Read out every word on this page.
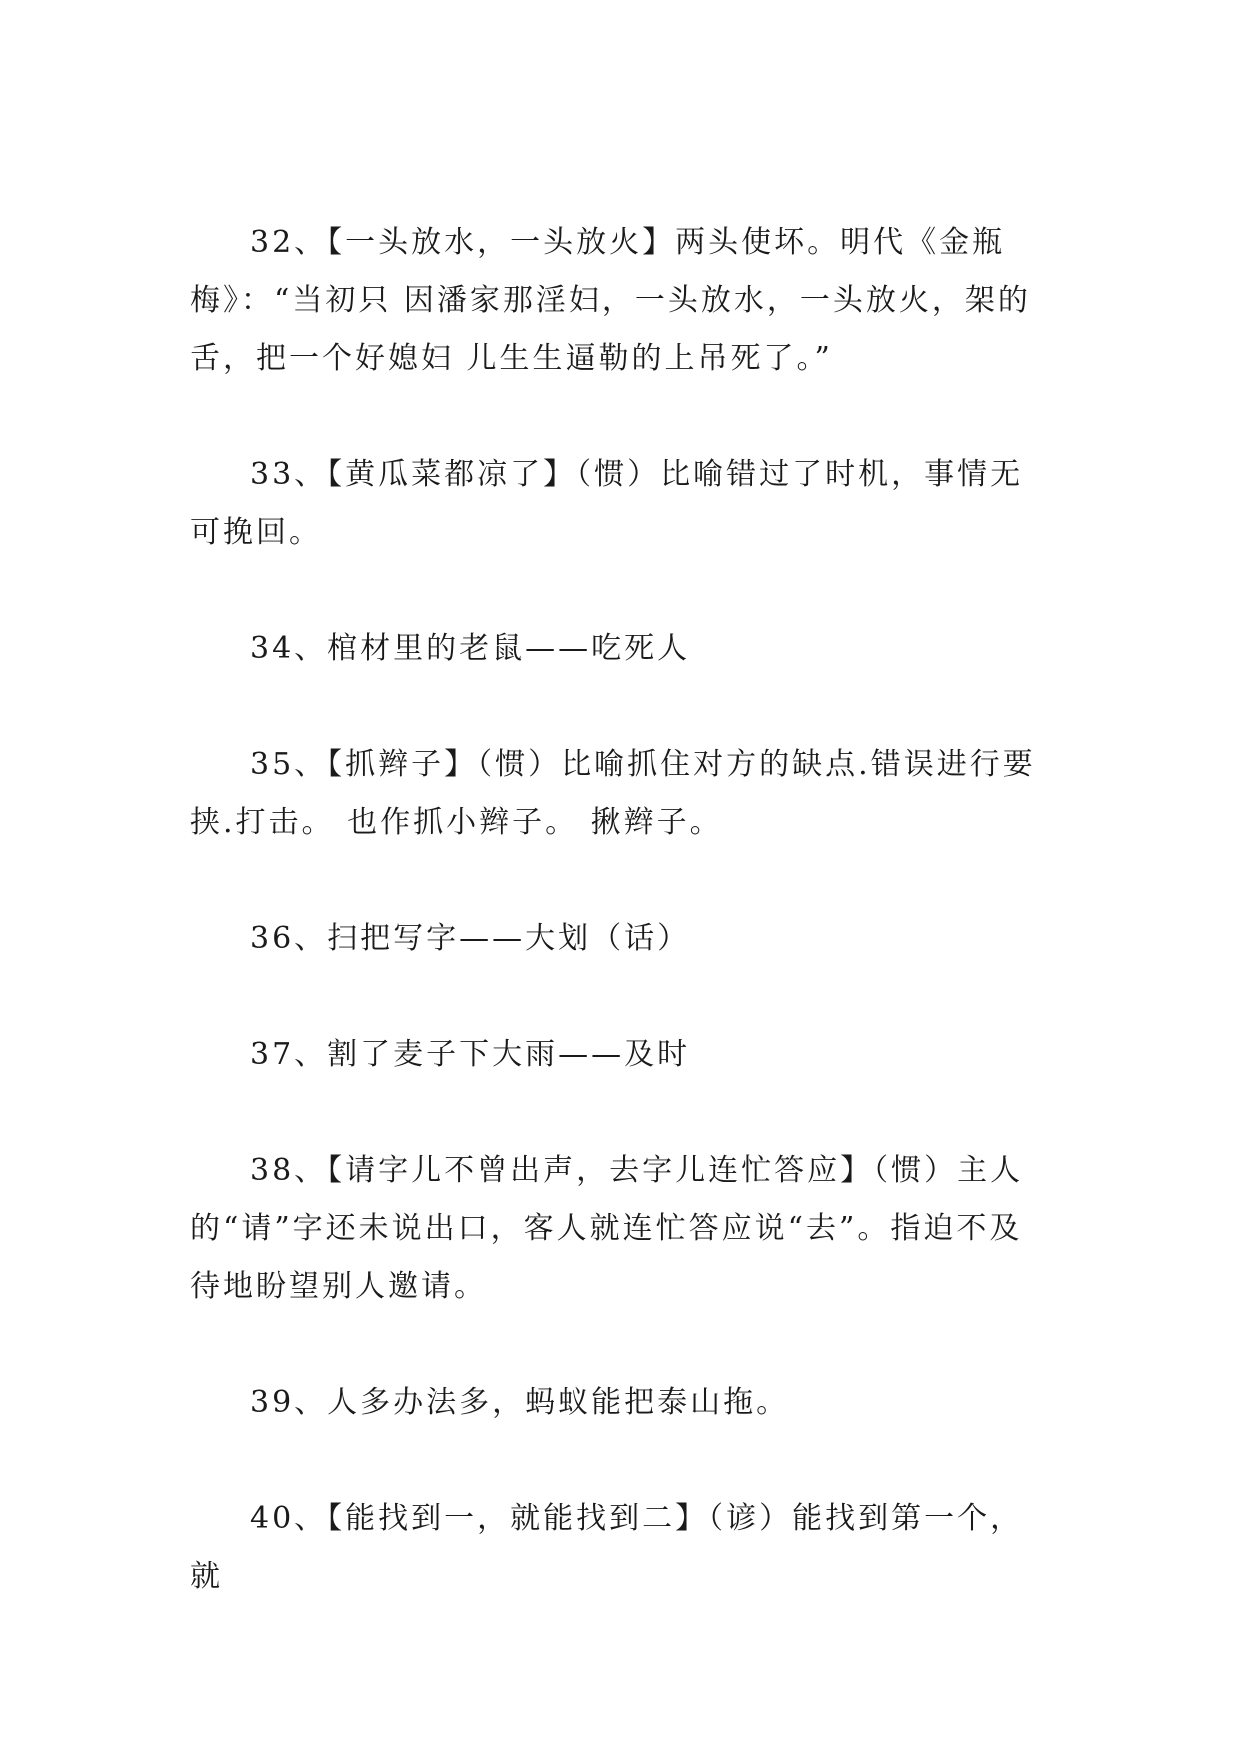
32、【一头放水，一头放火】两头使坏。明代《金瓶梅》：“当初只 因潘家那淫妇，一头放水，一头放火，架的舌，把一个好媳妇 儿生生逼勒的上吊死了。”

33、【黄瓜菜都凉了】（惯）比喻错过了时机，事情无可挽回。

34、棺材里的老鼠——吃死人

35、【抓辫子】（惯）比喻抓住对方的缺点.错误进行要挟.打击。 也作抓小辫子。 揪辫子。

36、扫把写字——大划（话）

37、割了麦子下大雨——及时

38、【请字儿不曾出声，去字儿连忙答应】（惯）主人的“请”字还未说出口，客人就连忙答应说“去”。指迫不及待地盼望别人邀请。

39、人多办法多，蚂蚁能把泰山拖。

40、【能找到一，就能找到二】（谚）能找到第一个，就
